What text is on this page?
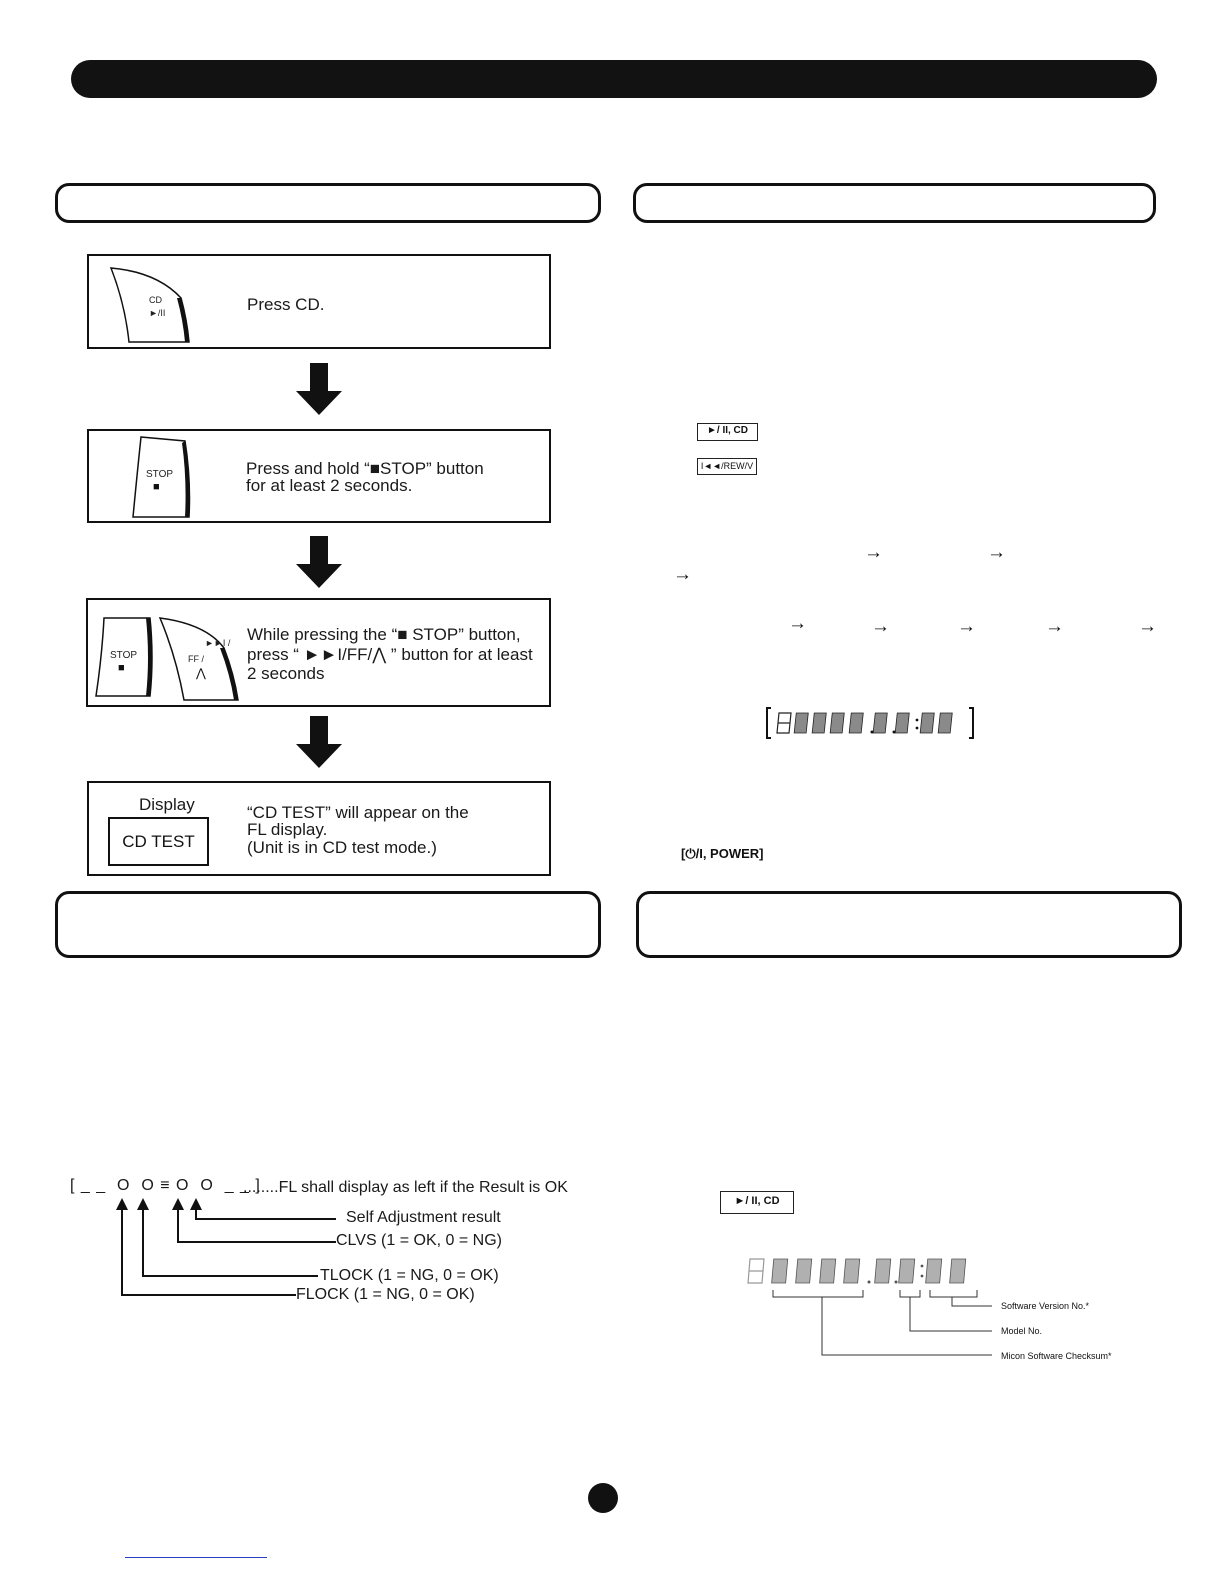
CD
►/II	Press CD.
STOP
■
Press and hold “■STOP” button
for at least 2 seconds.
STOP
■
►►I /
FF /
⋀
While pressing the “■ STOP” button,
press “ ►►I/FF/⋀ ” button for at least
2 seconds
Display
CD TEST
“CD TEST” will appear on the
FL display.
(Unit is in CD test mode.)
►/ II, CD
I◄◄/REW/V
→	→
→
→	→	→	→	→
[⏻/I, POWER]
[ _ _  O  O ≡ O  O  _ _ ]
........FL shall display as left if the Result is OK
Self Adjustment result
CLVS (1 = OK, 0 = NG)
TLOCK (1 = NG, 0 = OK)
FLOCK (1 = NG, 0 = OK)
►/ II, CD
Software Version No.*
Model No.
Micon Software Checksum*
